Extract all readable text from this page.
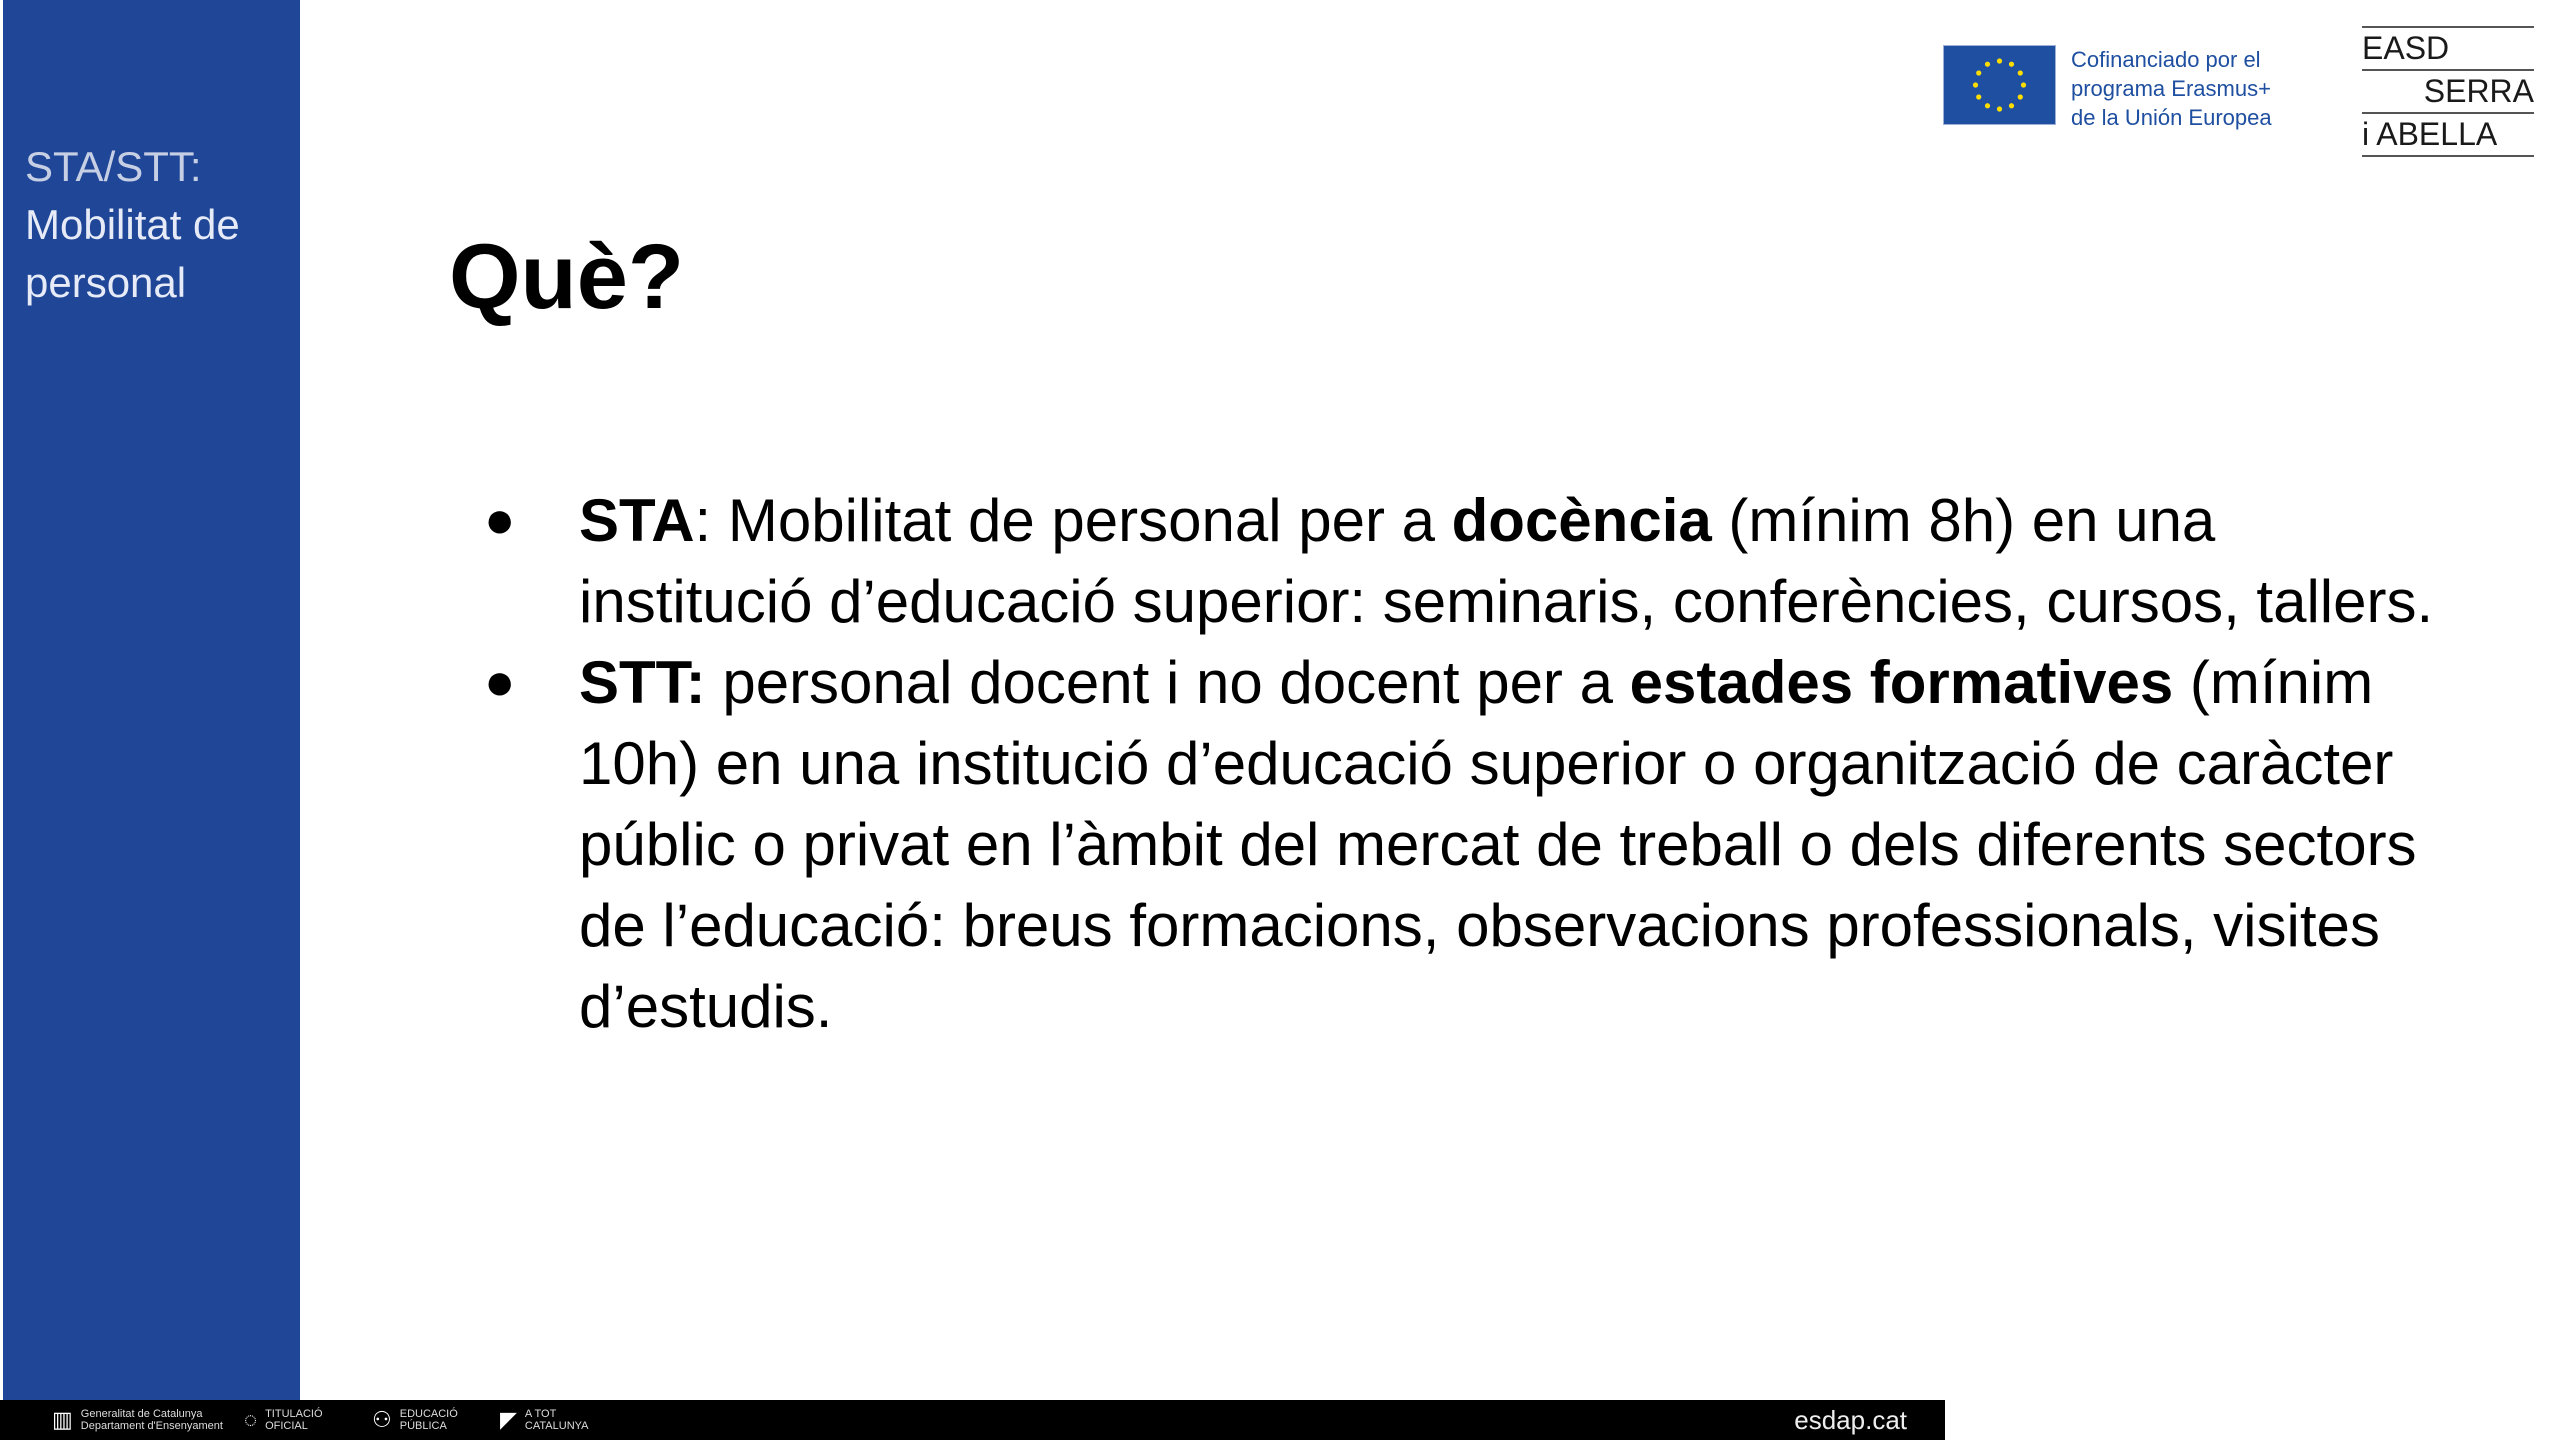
STA/STT:
Mobilitat de
personal
Cofinanciado por el
programa Erasmus+
de la Unión Europea
EASD
SERRA
i ABELLA
Què?
● STA: Mobilitat de personal per a docència (mínim 8h) en una institució d’educació superior: seminaris, conferències, cursos, tallers.
● STT: personal docent i no docent per a estades formatives (mínim 10h) en una institució d’educació superior o organització de caràcter públic o privat en l’àmbit del mercat de treball o dels diferents sectors de l’educació: breus formacions, observacions professionals, visites d’estudis.
▥ Generalitat de Catalunya
Departament d'Ensenyament ◌ TITULACIÓ
OFICIAL	⚇ EDUCACIÓ
PÚBLICA	◤ A TOT
CATALUNYA	esdap.cat
